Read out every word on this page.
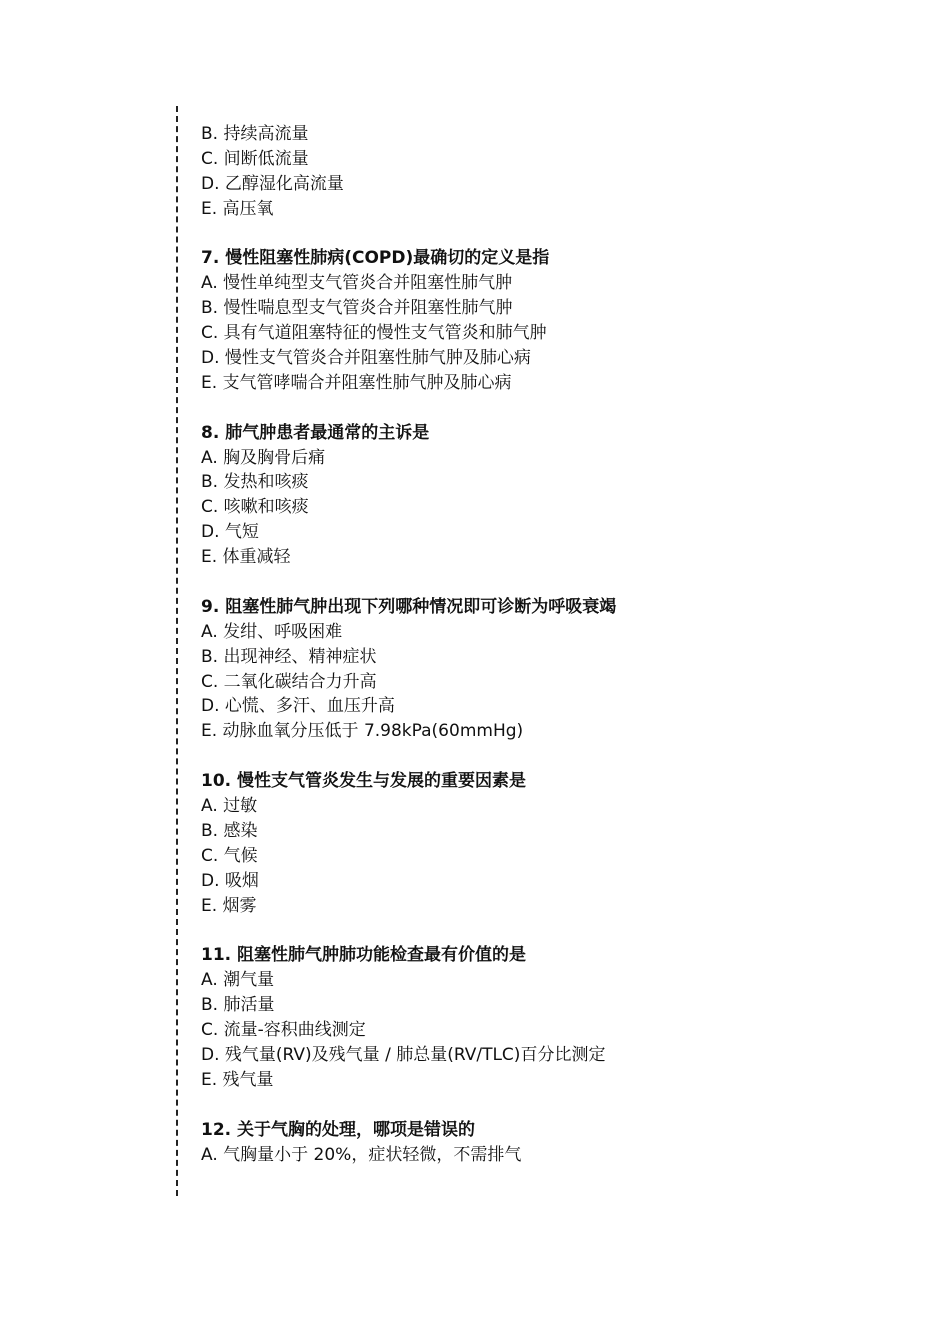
B. 持续高流量
C. 间断低流量
D. 乙醇湿化高流量
E. 高压氧
7. 慢性阻塞性肺病(COPD)最确切的定义是指
A. 慢性单纯型支气管炎合并阻塞性肺气肿
B. 慢性喘息型支气管炎合并阻塞性肺气肿
C. 具有气道阻塞特征的慢性支气管炎和肺气肿
D. 慢性支气管炎合并阻塞性肺气肿及肺心病
E. 支气管哮喘合并阻塞性肺气肿及肺心病
8. 肺气肿患者最通常的主诉是
A. 胸及胸骨后痛
B. 发热和咳痰
C. 咳嗽和咳痰
D. 气短
E. 体重减轻
9. 阻塞性肺气肿出现下列哪种情况即可诊断为呼吸衰竭
A. 发绀、呼吸困难
B. 出现神经、精神症状
C. 二氧化碳结合力升高
D. 心慌、多汗、血压升高
E. 动脉血氧分压低于 7.98kPa(60mmHg)
10. 慢性支气管炎发生与发展的重要因素是
A. 过敏
B. 感染
C. 气候
D. 吸烟
E. 烟雾
11. 阻塞性肺气肿肺功能检查最有价值的是
A. 潮气量
B. 肺活量
C. 流量-容积曲线测定
D. 残气量(RV)及残气量 / 肺总量(RV/TLC)百分比测定
E. 残气量
12. 关于气胸的处理，哪项是错误的
A. 气胸量小于 20%，症状轻微，不需排气
